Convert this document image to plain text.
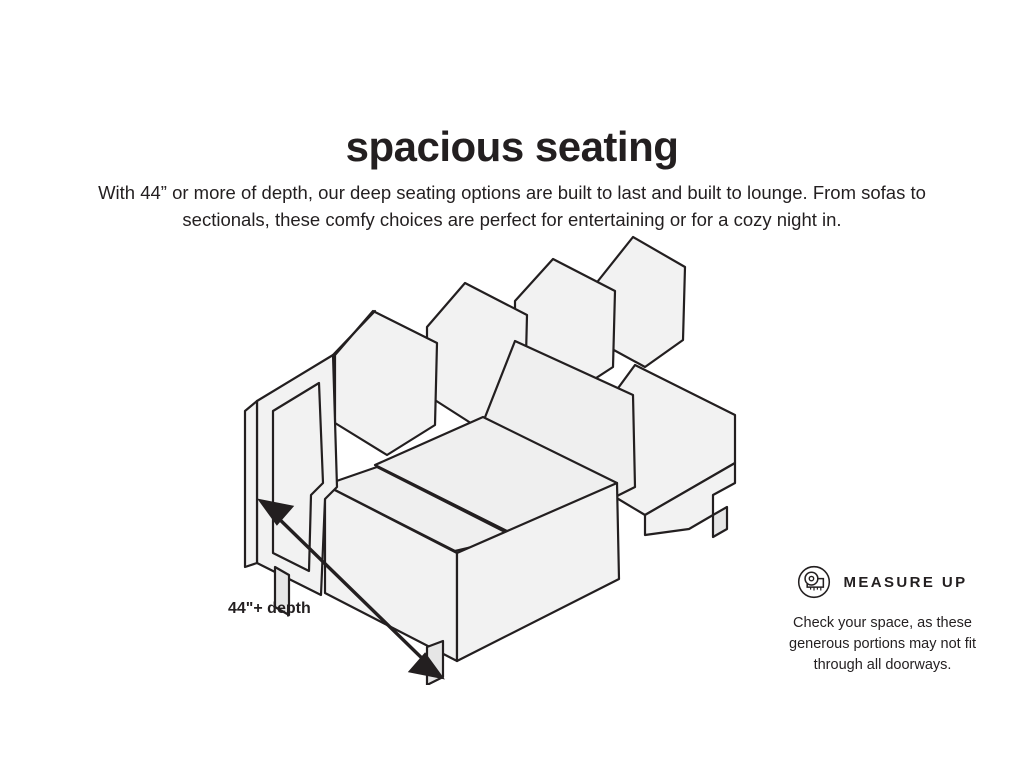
spacious seating

With 44” or more of depth, our deep seating options are built to last and built to lounge. From sofas to sectionals, these comfy choices are perfect for entertaining or for a cozy night in.

44"+ depth
MEASURE UP
Check your space, as these generous portions may not fit through all doorways.
